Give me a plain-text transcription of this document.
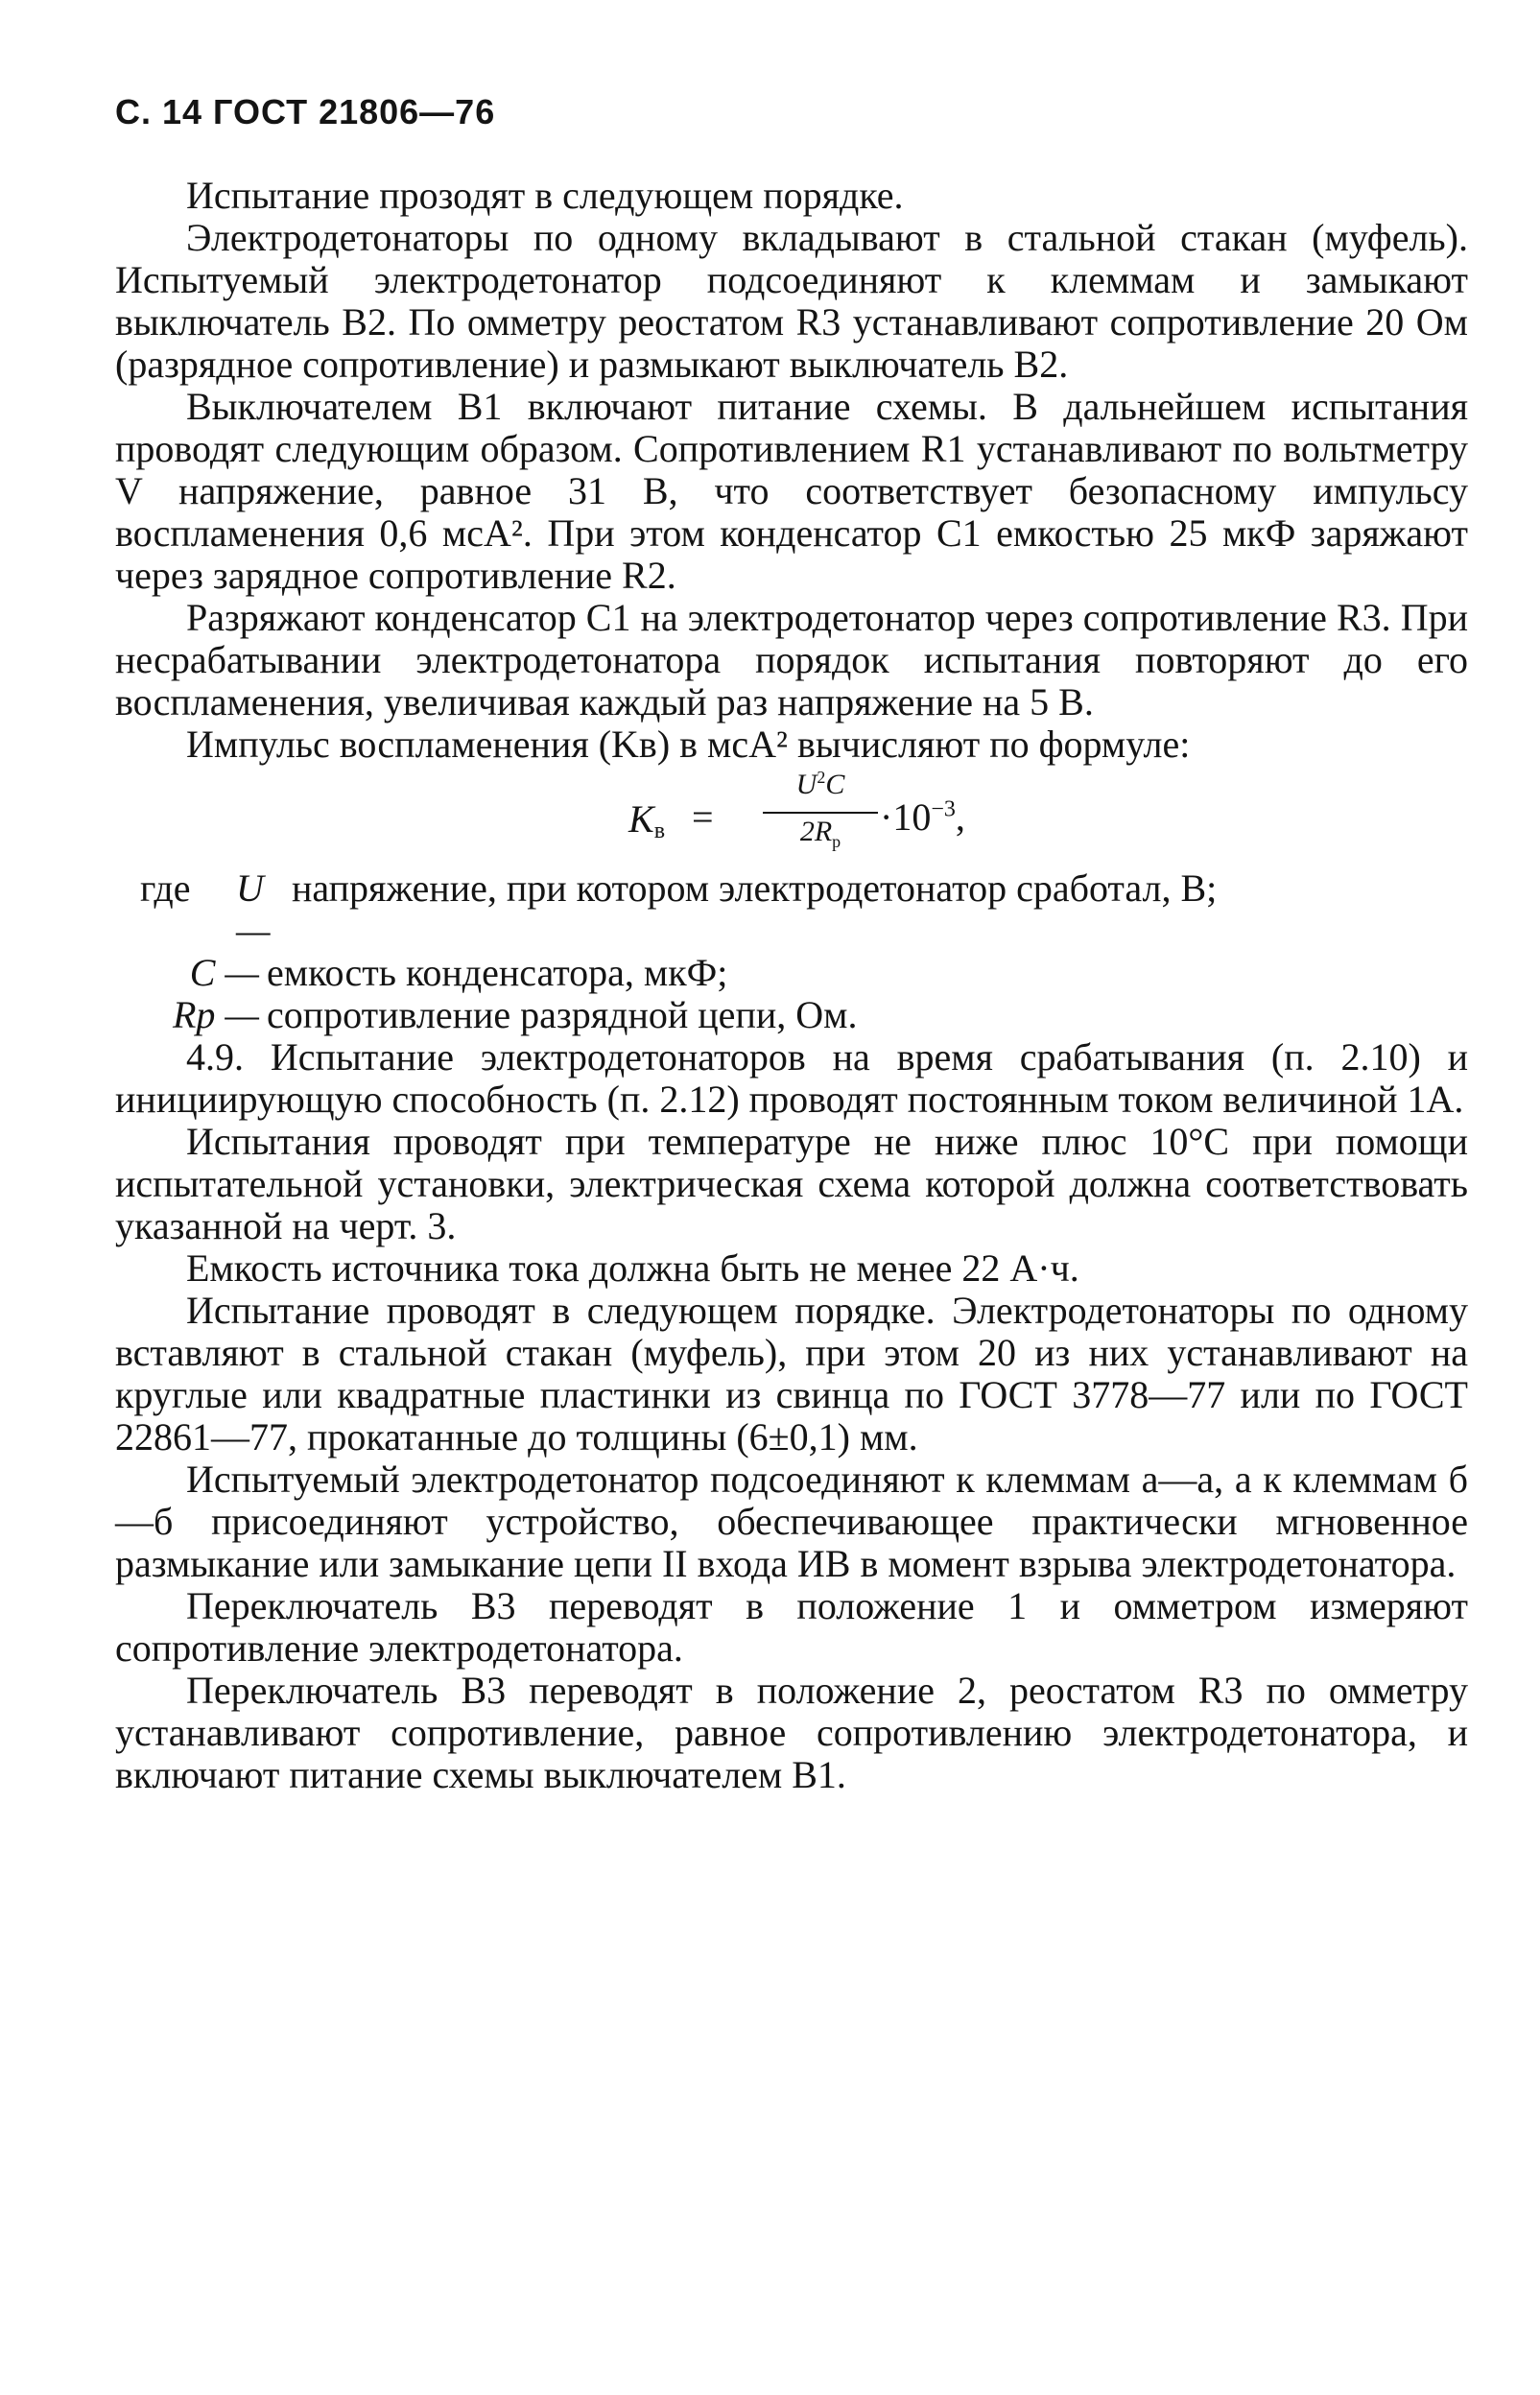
С. 14 ГОСТ 21806—76

Испытание прозодят в следующем порядке.

Электродетонаторы по одному вкладывают в стальной стакан (муфель). Испытуемый электродетонатор подсоединяют к клеммам и замыкают выключатель B2. По омметру реостатом R3 устанавливают сопротивление 20 Ом (разрядное сопротивление) и размыкают выключатель B2.

Выключателем B1 включают питание схемы. В дальнейшем испытания проводят следующим образом. Сопротивлением R1 устанавливают по вольтметру V напряжение, равное 31 В, что соответствует безопасному импульсу воспламенения 0,6 мсА². При этом конденсатор C1 емкостью 25 мкФ заряжают через зарядное сопротивление R2.

Разряжают конденсатор C1 на электродетонатор через сопротивление R3. При несрабатывании электродетонатора порядок испытания повторяют до его воспламенения, увеличивая каждый раз напряжение на 5 В.

Импульс воспламенения (Kв) в мсА² вычисляют по формуле:

$K_в$ =
$U^2C$
$2R_р$
$\cdot 10^{-3}$,
где	U —
напряжение, при котором электродетонатор сработал, В;
C — емкость конденсатора, мкФ;
Rр — сопротивление разрядной цепи, Ом.

4.9. Испытание электродетонаторов на время срабатывания (п. 2.10) и инициирующую способность (п. 2.12) проводят постоянным током величиной 1А.

Испытания проводят при температуре не ниже плюс 10°С при помощи испытательной установки, электрическая схема которой должна соответствовать указанной на черт. 3.

Емкость источника тока должна быть не менее 22 А·ч.

Испытание проводят в следующем порядке. Электродетонаторы по одному вставляют в стальной стакан (муфель), при этом 20 из них устанавливают на круглые или квадратные пластинки из свинца по ГОСТ 3778—77 или по ГОСТ 22861—77, прокатанные до толщины (6±0,1) мм.

Испытуемый электродетонатор подсоединяют к клеммам a—a, а к клеммам б—б присоединяют устройство, обеспечивающее практически мгновенное размыкание или замыкание цепи II входа ИВ в момент взрыва электродетонатора.

Переключатель B3 переводят в положение 1 и омметром измеряют сопротивление электродетонатора.

Переключатель B3 переводят в положение 2, реостатом R3 по омметру устанавливают сопротивление, равное сопротивлению электродетонатора, и включают питание схемы выключателем B1.
